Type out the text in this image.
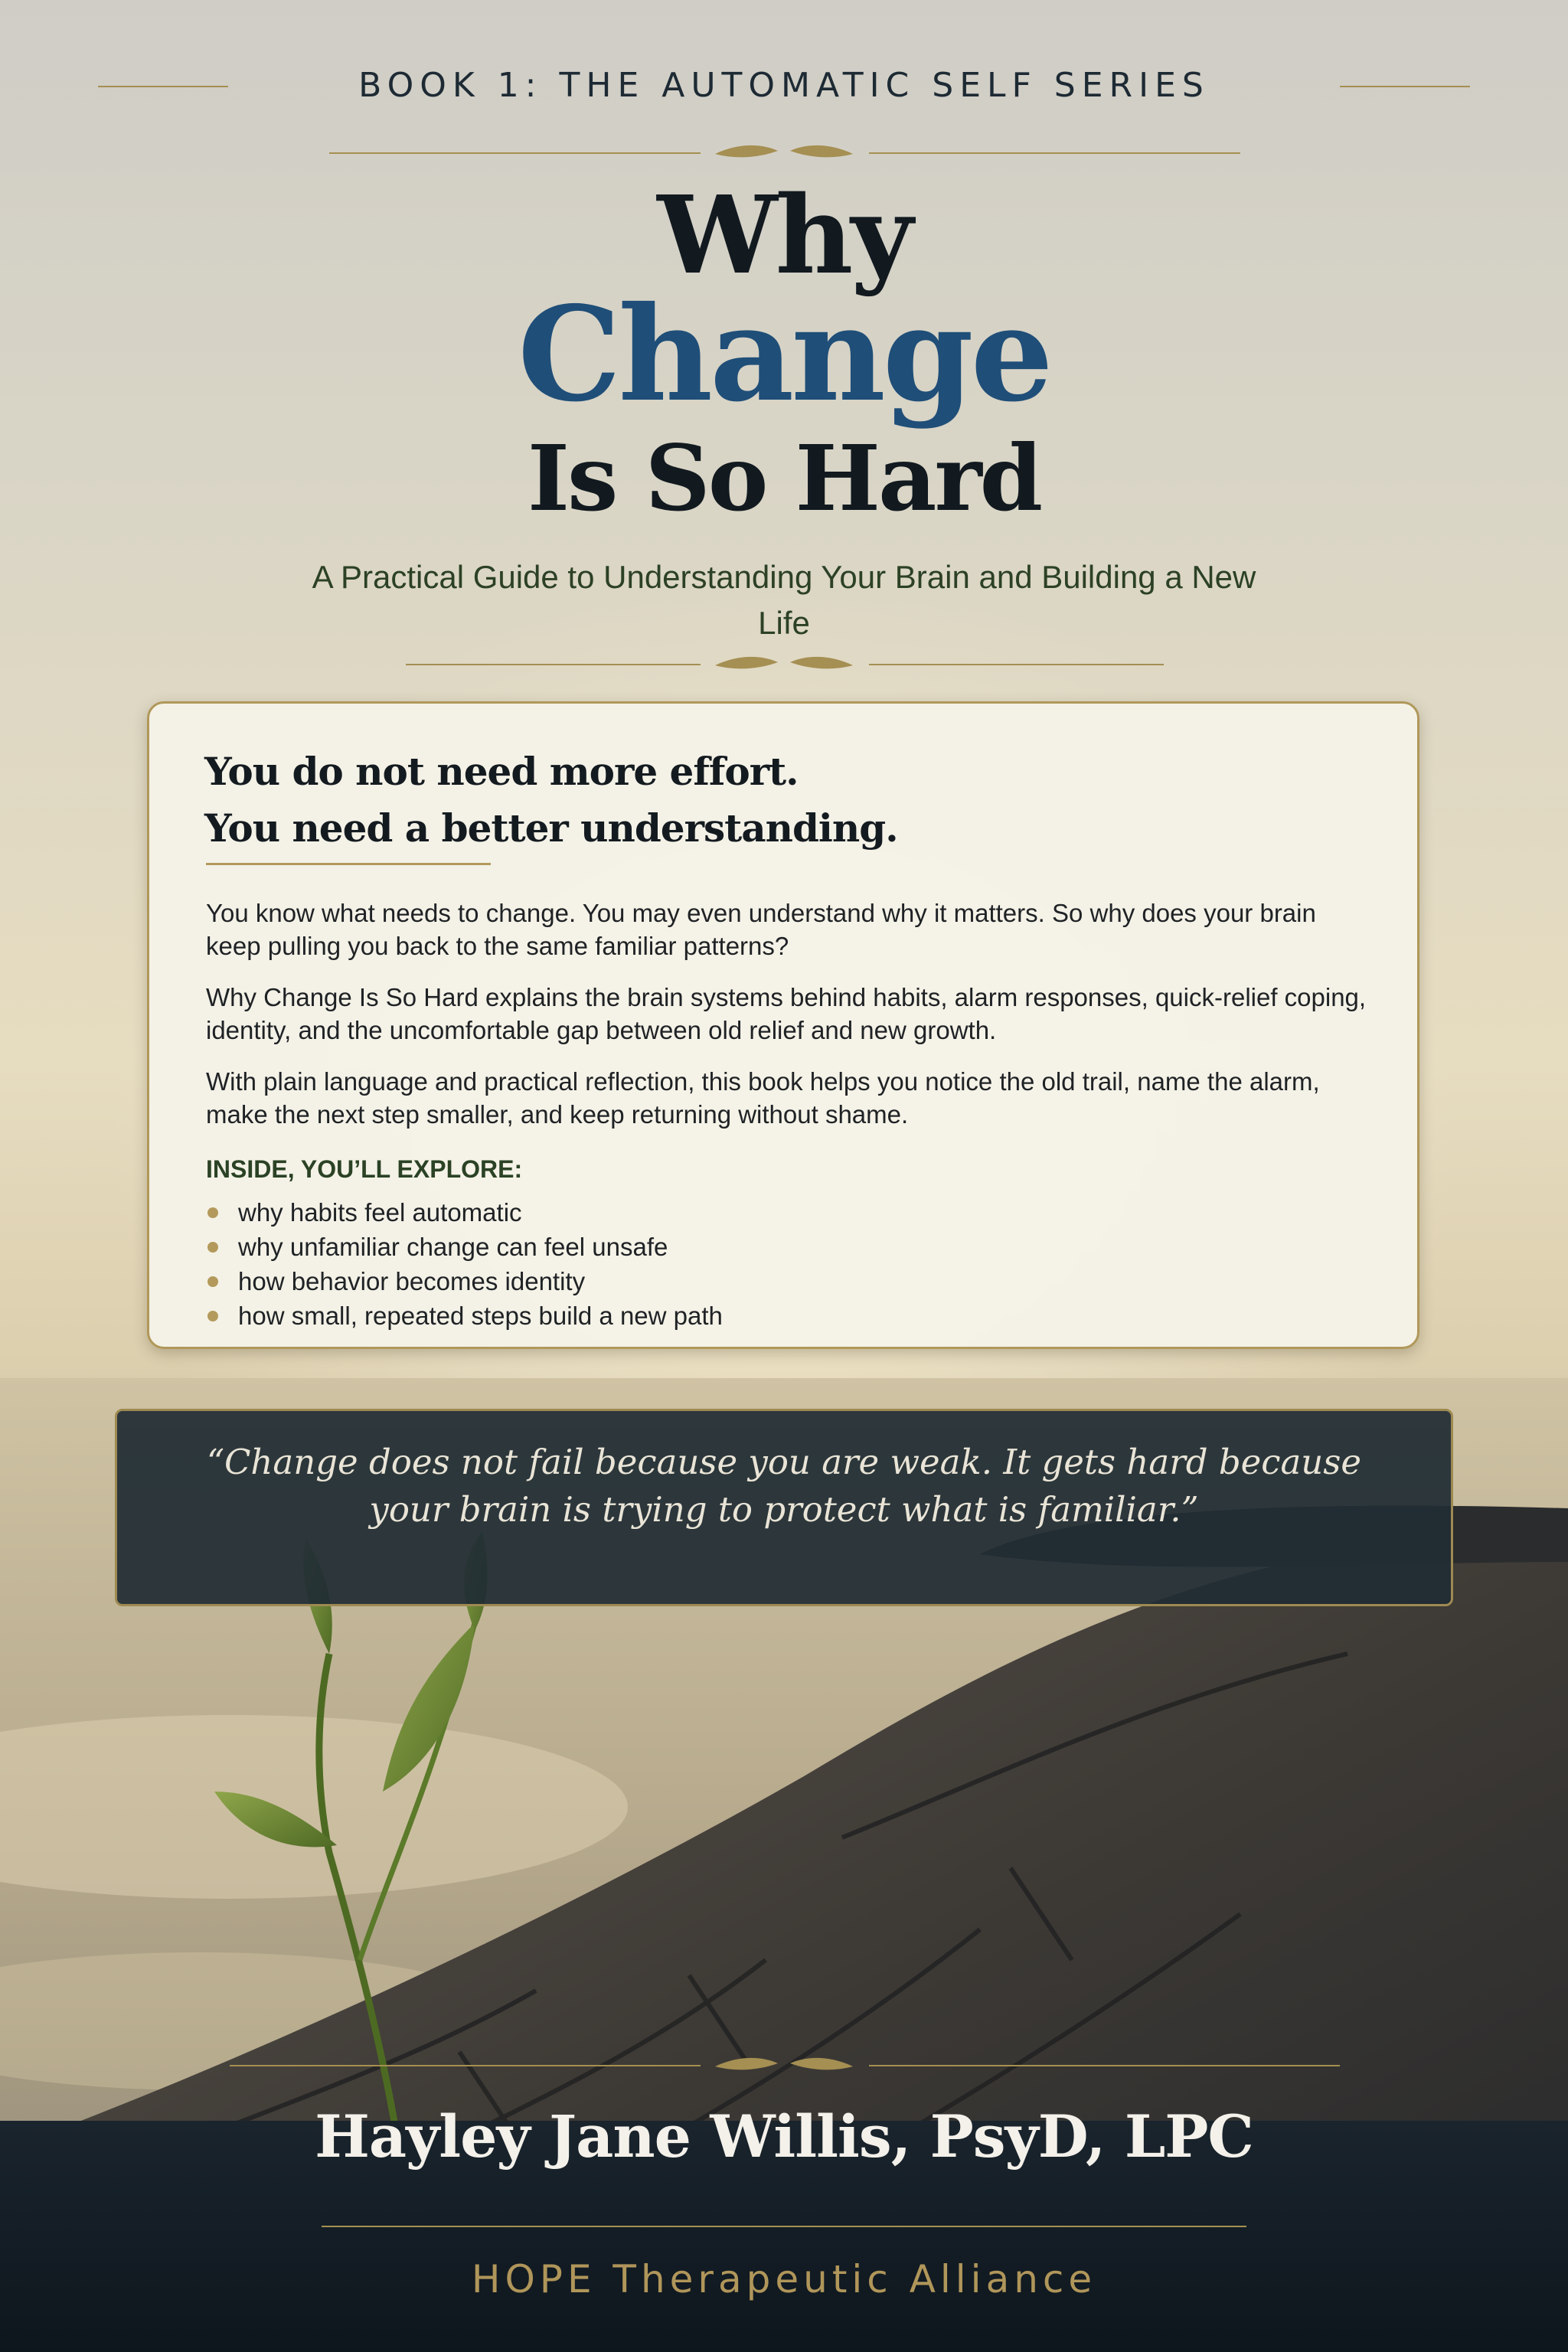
BOOK 1: THE AUTOMATIC SELF SERIES
Why
Change
Is So Hard
A Practical Guide to Understanding Your Brain and Building a New Life
You do not need more effort.
You need a better understanding.
You know what needs to change. You may even understand why it matters. So why does your brain keep pulling you back to the same familiar patterns?
Why Change Is So Hard explains the brain systems behind habits, alarm responses, quick-relief coping, identity, and the uncomfortable gap between old relief and new growth.
With plain language and practical reflection, this book helps you notice the old trail, name the alarm, make the next step smaller, and keep returning without shame.
INSIDE, YOU’LL EXPLORE:
why habits feel automatic
why unfamiliar change can feel unsafe
how behavior becomes identity
how small, repeated steps build a new path
“Change does not fail because you are weak. It gets hard because your brain is trying to protect what is familiar.”
Hayley Jane Willis, PsyD, LPC
HOPE Therapeutic Alliance
